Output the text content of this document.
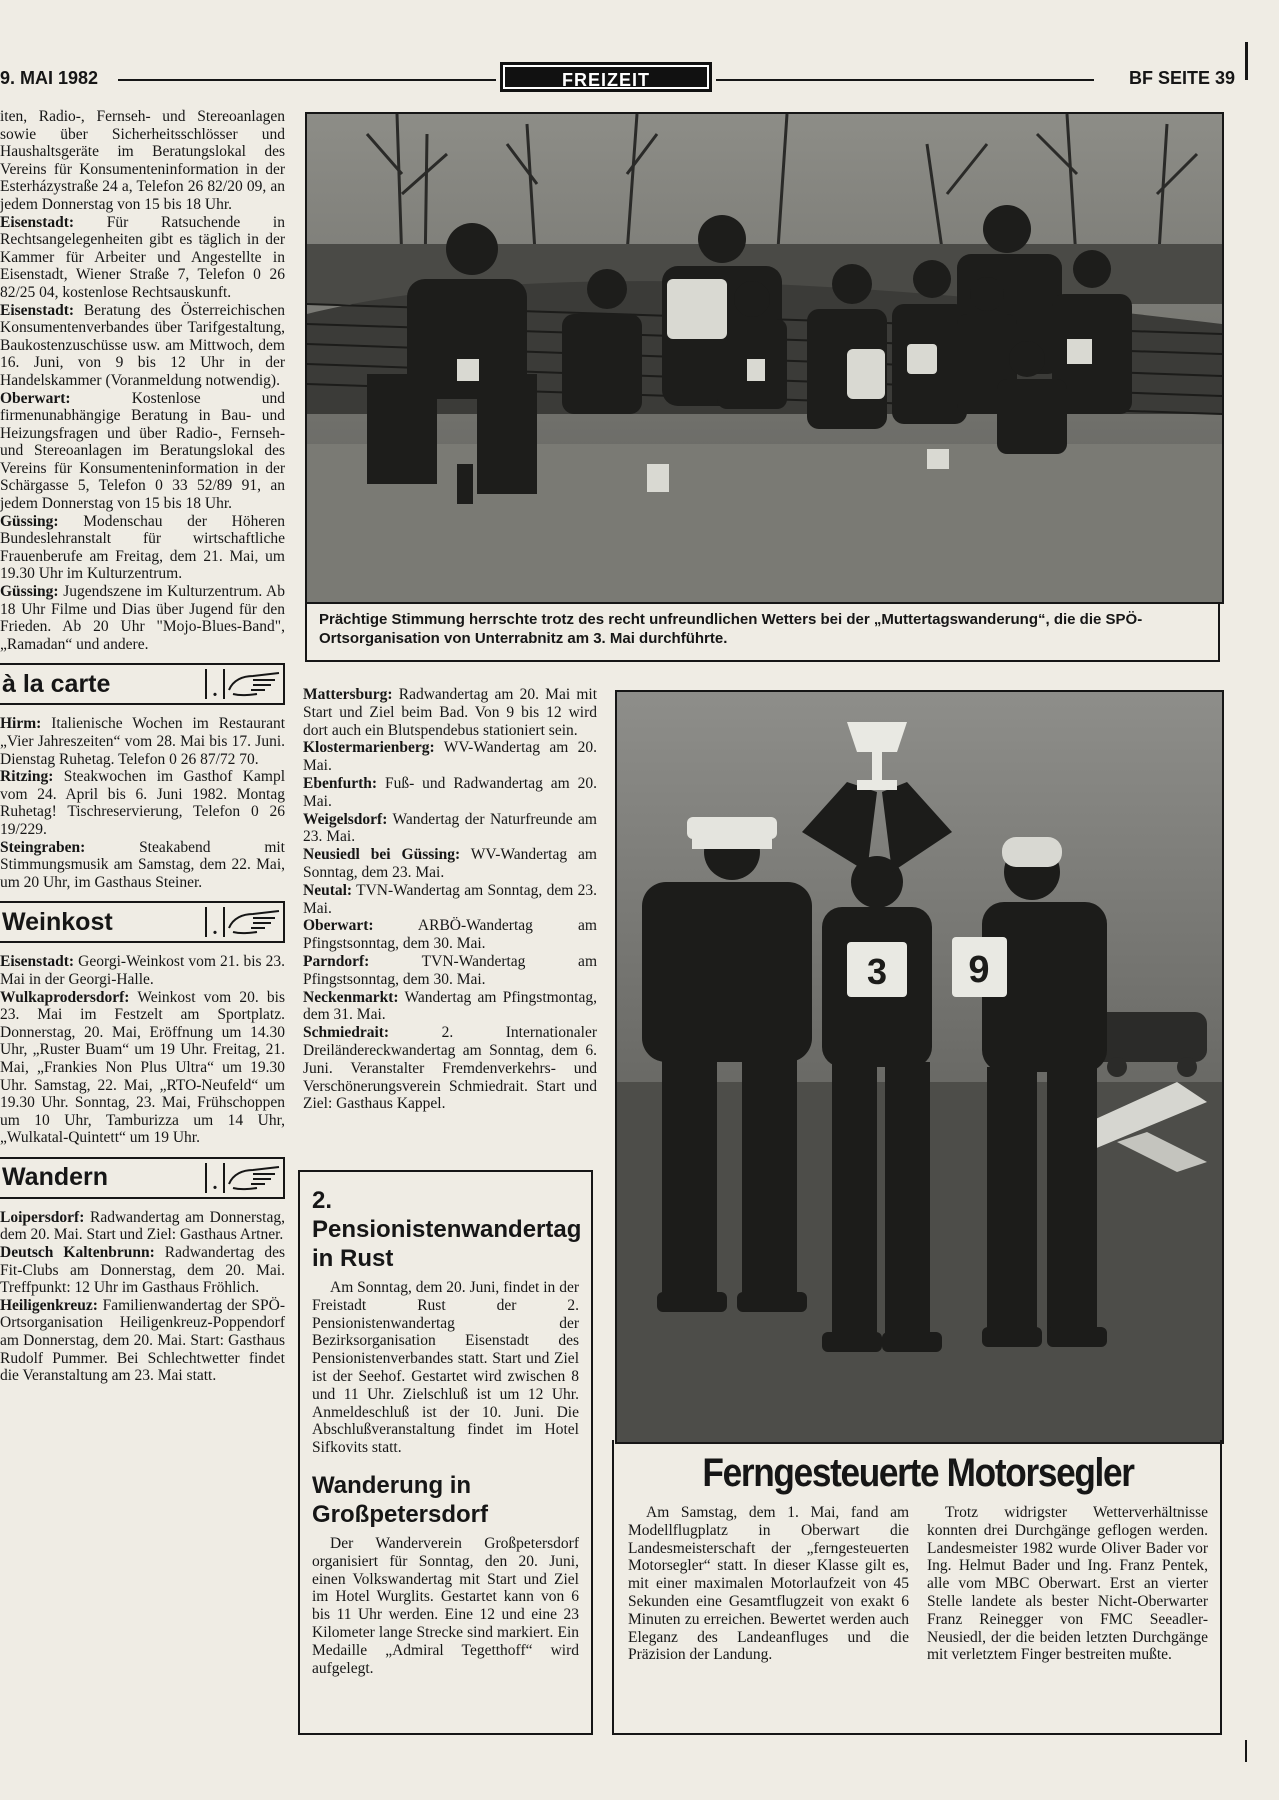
9. MAI 1982	FREIZEIT	BF SEITE 39

iten, Radio-, Fernseh- und Stereoanlagen sowie über Sicherheitsschlösser und Haushaltsgeräte im Beratungslokal des Vereins für Konsumenteninformation in der Esterházystraße 24 a, Telefon 26 82/20 09, an jedem Donnerstag von 15 bis 18 Uhr.

Eisenstadt: Für Ratsuchende in Rechtsangelegenheiten gibt es täglich in der Kammer für Arbeiter und Angestellte in Eisenstadt, Wiener Straße 7, Telefon 0 26 82/25 04, kostenlose Rechtsauskunft.

Eisenstadt: Beratung des Österreichischen Konsumentenverbandes über Tarifgestaltung, Baukostenzuschüsse usw. am Mittwoch, dem 16. Juni, von 9 bis 12 Uhr in der Handelskammer (Voranmeldung notwendig).

Oberwart: Kostenlose und firmenunabhängige Beratung in Bau- und Heizungsfragen und über Radio-, Fernseh- und Stereoanlagen im Beratungslokal des Vereins für Konsumenteninformation in der Schärgasse 5, Telefon 0 33 52/89 91, an jedem Donnerstag von 15 bis 18 Uhr.

Güssing: Modenschau der Höheren Bundeslehranstalt für wirtschaftliche Frauenberufe am Freitag, dem 21. Mai, um 19.30 Uhr im Kulturzentrum.

Güssing: Jugendszene im Kulturzentrum. Ab 18 Uhr Filme und Dias über Jugend für den Frieden. Ab 20 Uhr "Mojo-Blues-Band", „Ramadan“ und andere.

à la carte	.

Hirm: Italienische Wochen im Restaurant „Vier Jahreszeiten“ vom 28. Mai bis 17. Juni. Dienstag Ruhetag. Telefon 0 26 87/72 70.

Ritzing: Steakwochen im Gasthof Kampl vom 24. April bis 6. Juni 1982. Montag Ruhetag! Tischreservierung, Telefon 0 26 19/229.

Steingraben: Steakabend mit Stimmungsmusik am Samstag, dem 22. Mai, um 20 Uhr, im Gasthaus Steiner.

Weinkost	.

Eisenstadt: Georgi-Weinkost vom 21. bis 23. Mai in der Georgi-Halle.

Wulkaprodersdorf: Weinkost vom 20. bis 23. Mai im Festzelt am Sportplatz. Donnerstag, 20. Mai, Eröffnung um 14.30 Uhr, „Ruster Buam“ um 19 Uhr. Freitag, 21. Mai, „Frankies Non Plus Ultra“ um 19.30 Uhr. Samstag, 22. Mai, „RTO-Neufeld“ um 19.30 Uhr. Sonntag, 23. Mai, Frühschoppen um 10 Uhr, Tamburizza um 14 Uhr, „Wulkatal-Quintett“ um 19 Uhr.

Wandern	.

Loipersdorf: Radwandertag am Donnerstag, dem 20. Mai. Start und Ziel: Gasthaus Artner.

Deutsch Kaltenbrunn: Radwandertag des Fit-Clubs am Donnerstag, dem 20. Mai. Treffpunkt: 12 Uhr im Gasthaus Fröhlich.

Heiligenkreuz: Familienwandertag der SPÖ-Ortsorganisation Heiligenkreuz-Poppendorf am Donnerstag, dem 20. Mai. Start: Gasthaus Rudolf Pummer. Bei Schlechtwetter findet die Veranstaltung am 23. Mai statt.

Prächtige Stimmung herrschte trotz des recht unfreundlichen Wetters bei der „Muttertagswanderung“, die die SPÖ-Ortsorganisation von Unterrabnitz am 3. Mai durchführte.

Mattersburg: Radwandertag am 20. Mai mit Start und Ziel beim Bad. Von 9 bis 12 wird dort auch ein Blutspendebus stationiert sein.

Klostermarienberg: WV-Wandertag am 20. Mai.

Ebenfurth: Fuß- und Radwandertag am 20. Mai.

Weigelsdorf: Wandertag der Naturfreunde am 23. Mai.

Neusiedl bei Güssing: WV-Wandertag am Sonntag, dem 23. Mai.

Neutal: TVN-Wandertag am Sonntag, dem 23. Mai.

Oberwart: ARBÖ-Wandertag am Pfingstsonntag, dem 30. Mai.

Parndorf: TVN-Wandertag am Pfingstsonntag, dem 30. Mai.

Neckenmarkt: Wandertag am Pfingstmontag, dem 31. Mai.

Schmiedrait: 2. Internationaler Dreiländereckwandertag am Sonntag, dem 6. Juni. Veranstalter Fremdenverkehrs- und Verschönerungsverein Schmiedrait. Start und Ziel: Gasthaus Kappel.

2. Pensionistenwandertag in Rust

Am Sonntag, dem 20. Juni, findet in der Freistadt Rust der 2. Pensionistenwandertag der Bezirksorganisation Eisenstadt des Pensionistenverbandes statt. Start und Ziel ist der Seehof. Gestartet wird zwischen 8 und 11 Uhr. Zielschluß ist um 12 Uhr. Anmeldeschluß ist der 10. Juni. Die Abschlußveranstaltung findet im Hotel Sifkovits statt.

Wanderung in Großpetersdorf

Der Wanderverein Großpetersdorf organisiert für Sonntag, den 20. Juni, einen Volkswandertag mit Start und Ziel im Hotel Wurglits. Gestartet kann von 6 bis 11 Uhr werden. Eine 12 und eine 23 Kilometer lange Strecke sind markiert. Ein Medaille „Admiral Tegetthoff“ wird aufgelegt.

3 9
Ferngesteuerte Motorsegler

Am Samstag, dem 1. Mai, fand am Modellflugplatz in Oberwart die Landesmeisterschaft der „ferngesteuerten Motorsegler“ statt. In dieser Klasse gilt es, mit einer maximalen Motorlaufzeit von 45 Sekunden eine Gesamtflugzeit von exakt 6 Minuten zu erreichen. Bewertet werden auch Eleganz des Landeanfluges und die Präzision der Landung.

Trotz widrigster Wetterverhältnisse konnten drei Durchgänge geflogen werden. Landesmeister 1982 wurde Oliver Bader vor Ing. Helmut Bader und Ing. Franz Pentek, alle vom MBC Oberwart. Erst an vierter Stelle landete als bester Nicht-Oberwarter Franz Reinegger von FMC Seeadler-Neusiedl, der die beiden letzten Durchgänge mit verletztem Finger bestreiten mußte.
